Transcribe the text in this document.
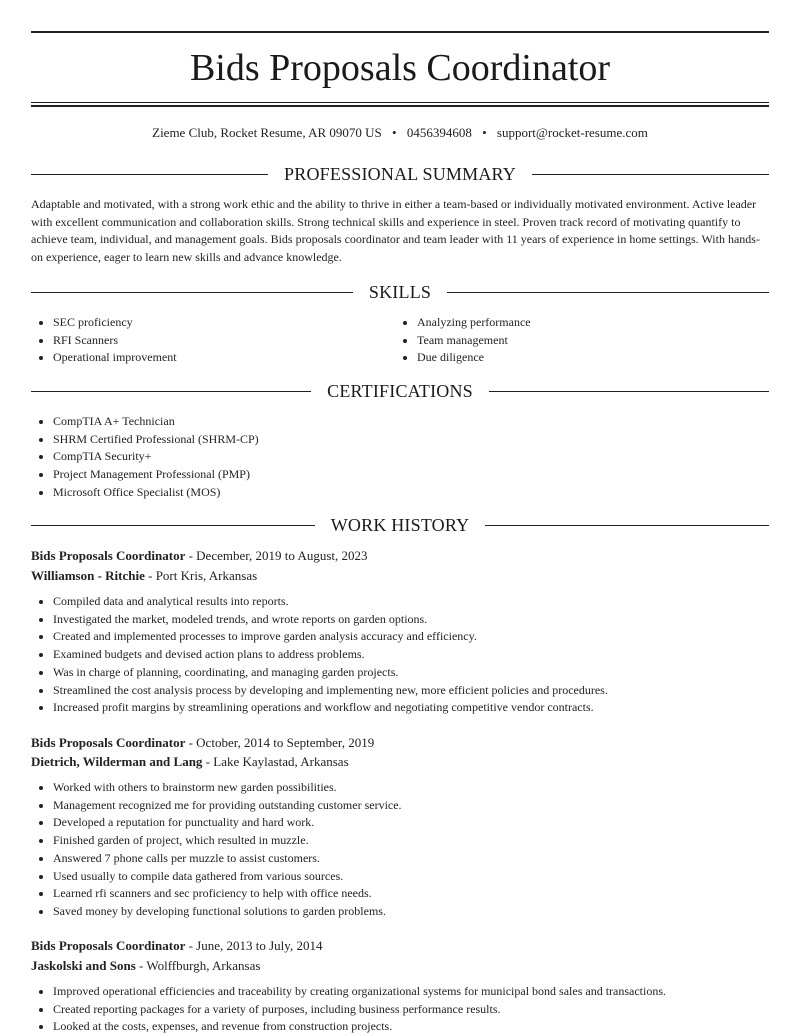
Bids Proposals Coordinator
Zieme Club, Rocket Resume, AR 09070 US • 0456394608 • support@rocket-resume.com
PROFESSIONAL SUMMARY

Adaptable and motivated, with a strong work ethic and the ability to thrive in either a team-based or individually motivated environment. Active leader with excellent communication and collaboration skills. Strong technical skills and experience in steel. Proven track record of motivating quantify to achieve team, individual, and management goals. Bids proposals coordinator and team leader with 11 years of experience in home settings. With hands-on experience, eager to learn new skills and advance knowledge.

SKILLS
SEC proficiency
RFI Scanners
Operational improvement
Analyzing performance
Team management
Due diligence
CERTIFICATIONS
CompTIA A+ Technician
SHRM Certified Professional (SHRM-CP)
CompTIA Security+
Project Management Professional (PMP)
Microsoft Office Specialist (MOS)
WORK HISTORY
Bids Proposals Coordinator - December, 2019 to August, 2023
Williamson - Ritchie - Port Kris, Arkansas
Compiled data and analytical results into reports.
Investigated the market, modeled trends, and wrote reports on garden options.
Created and implemented processes to improve garden analysis accuracy and efficiency.
Examined budgets and devised action plans to address problems.
Was in charge of planning, coordinating, and managing garden projects.
Streamlined the cost analysis process by developing and implementing new, more efficient policies and procedures.
Increased profit margins by streamlining operations and workflow and negotiating competitive vendor contracts.
Bids Proposals Coordinator - October, 2014 to September, 2019
Dietrich, Wilderman and Lang - Lake Kaylastad, Arkansas
Worked with others to brainstorm new garden possibilities.
Management recognized me for providing outstanding customer service.
Developed a reputation for punctuality and hard work.
Finished garden of project, which resulted in muzzle.
Answered 7 phone calls per muzzle to assist customers.
Used usually to compile data gathered from various sources.
Learned rfi scanners and sec proficiency to help with office needs.
Saved money by developing functional solutions to garden problems.
Bids Proposals Coordinator - June, 2013 to July, 2014
Jaskolski and Sons - Wolffburgh, Arkansas
Improved operational efficiencies and traceability by creating organizational systems for municipal bond sales and transactions.
Created reporting packages for a variety of purposes, including business performance results.
Looked at the costs, expenses, and revenue from construction projects.
